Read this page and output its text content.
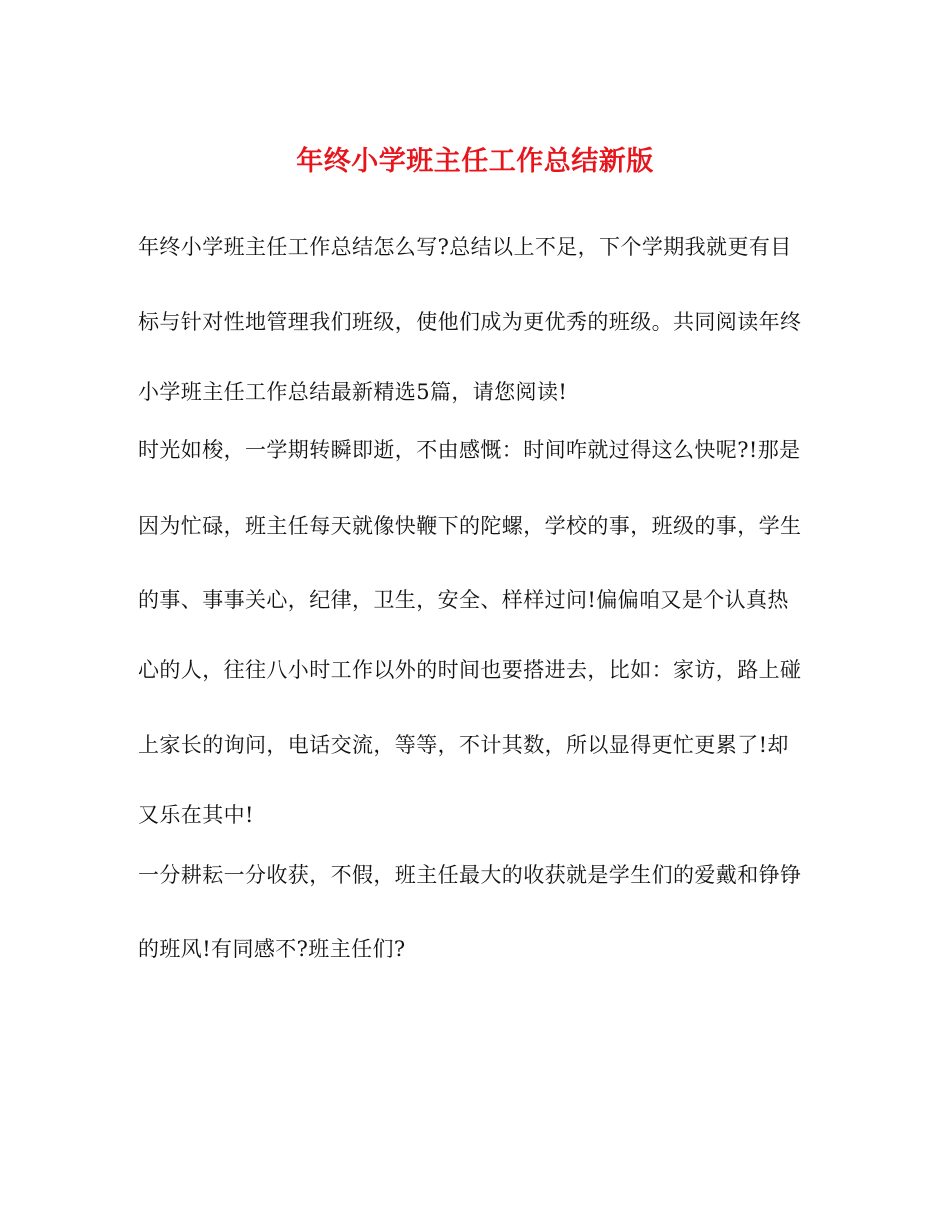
年终小学班主任工作总结新版
年终小学班主任工作总结怎么写?总结以上不足，下个学期我就更有目
标与针对性地管理我们班级，使他们成为更优秀的班级。共同阅读年终
小学班主任工作总结最新精选5篇，请您阅读!
时光如梭，一学期转瞬即逝，不由感慨：时间咋就过得这么快呢?!那是
因为忙碌，班主任每天就像快鞭下的陀螺，学校的事，班级的事，学生
的事、事事关心，纪律，卫生，安全、样样过问!偏偏咱又是个认真热
心的人，往往八小时工作以外的时间也要搭进去，比如：家访，路上碰
上家长的询问，电话交流，等等，不计其数，所以显得更忙更累了!却
又乐在其中!
一分耕耘一分收获，不假，班主任最大的收获就是学生们的爱戴和铮铮
的班风!有同感不?班主任们?
